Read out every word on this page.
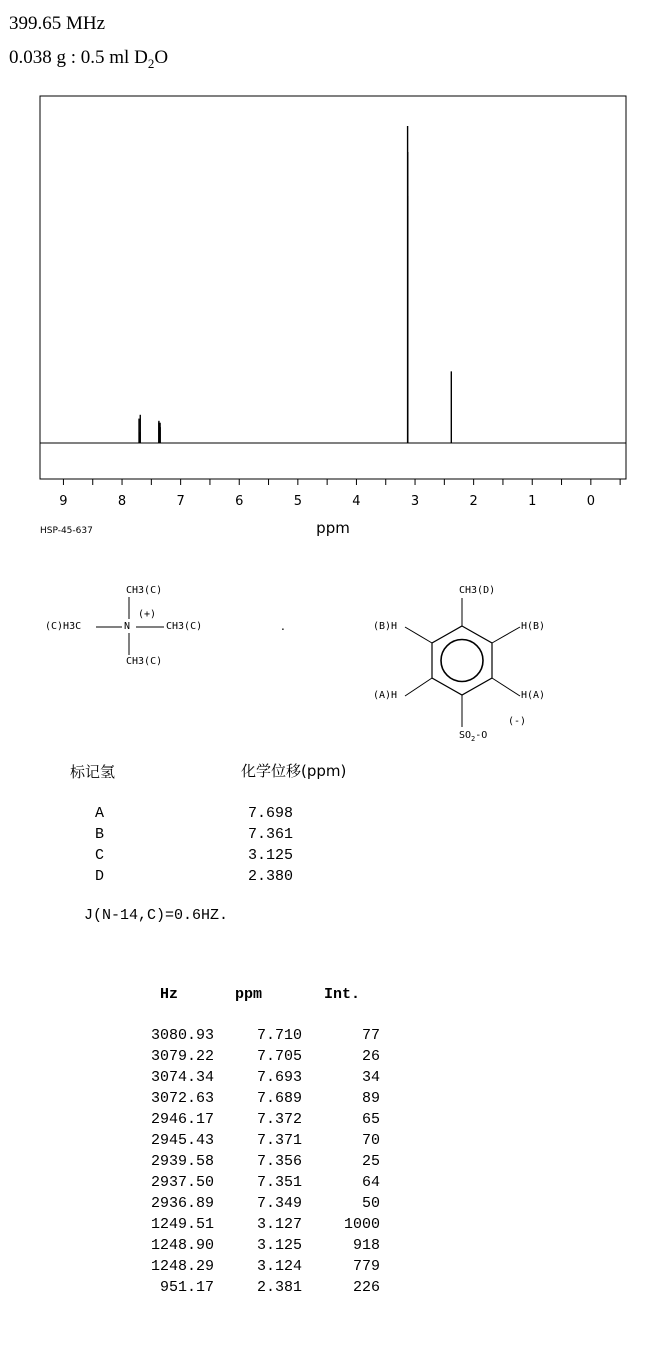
399.65 MHz
0.038 g : 0.5 ml $D_2O$
9	8	7	6	5	4	3	2	1	0
ppm
HSP-45-637
CH3(C)
(+)
(C)H3C	N	CH3(C)
CH3(C)
.
CH3(D)
(B)H	H(B)
(A)H	H(A)
$SO_2-O$
(-)
标记氢	化学位移(ppm)
A	7.698
B	7.361
C	3.125
D	2.380
J(N-14,C)=0.6HZ.
Hz	ppm	Int.
3080.93	7.710	77
3079.22	7.705	26
3074.34	7.693	34
3072.63	7.689	89
2946.17	7.372	65
2945.43	7.371	70
2939.58	7.356	25
2937.50	7.351	64
2936.89	7.349	50
1249.51	3.127	1000
1248.90	3.125	918
1248.29	3.124	779
951.17	2.381	226
